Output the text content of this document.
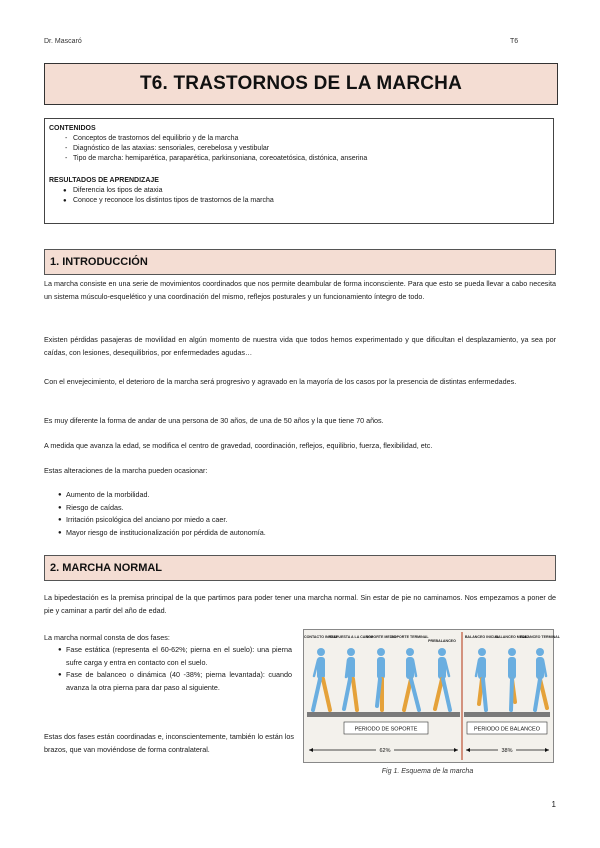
Dr. Mascaró	T6
T6. TRASTORNOS DE LA MARCHA
CONTENIDOS
- Conceptos de trastornos del equilibrio y de la marcha
- Diagnóstico de las ataxias: sensoriales, cerebelosa y vestibular
- Tipo de marcha: hemiparética, paraparética, parkinsoniana, coreoatetósica, distónica, anserina
RESULTADOS DE APRENDIZAJE
● Diferencia los tipos de ataxia
● Conoce y reconoce los distintos tipos de trastornos de la marcha
1. INTRODUCCIÓN

La marcha consiste en una serie de movimientos coordinados que nos permite deambular de forma inconsciente. Para que esto se pueda llevar a cabo necesita un sistema músculo-esquelético y una coordinación del mismo, reflejos posturales y un funcionamiento íntegro de todo.

Existen pérdidas pasajeras de movilidad en algún momento de nuestra vida que todos hemos experimentado y que dificultan el desplazamiento, ya sea por caídas, con lesiones, desequilibrios, por enfermedades agudas…

Con el envejecimiento, el deterioro de la marcha será progresivo y agravado en la mayoría de los casos por la presencia de distintas enfermedades.

Es muy diferente la forma de andar de una persona de 30 años, de una de 50 años y la que tiene 70 años.

A medida que avanza la edad, se modifica el centro de gravedad, coordinación, reflejos, equilibrio, fuerza, flexibilidad, etc.

Estas alteraciones de la marcha pueden ocasionar:

● Aumento de la morbilidad.
● Riesgo de caídas.
● Irritación psicológica del anciano por miedo a caer.
● Mayor riesgo de institucionalización por pérdida de autonomía.
2. MARCHA NORMAL

La bipedestación es la premisa principal de la que partimos para poder tener una marcha normal. Sin estar de pie no caminamos. Nos empezamos a poner de pie y caminar a partir del año de edad.

La marcha normal consta de dos fases:

● Fase estática (representa el 60-62%; pierna en el suelo): una pierna sufre carga y entra en contacto con el suelo.
● Fase de balanceo o dinámica (40 -38%; pierna levantada): cuando avanza la otra pierna para dar paso al siguiente.

Estas dos fases están coordinadas e, inconscientemente, también lo están los brazos, que van moviéndose de forma contralateral.

CONTACTO INICIAL
RESPUESTA A LA CARGA
SOPORTE MEDIO
SOPORTE TERMINAL
PREBALANCEO
BALANCEO INICIAL
BALANCEO MEDIO
BALANCEO TERMINAL
PERIODO DE SOPORTE	PERIODO DE BALANCEO
62%	38%
Fig 1. Esquema de la marcha
1
